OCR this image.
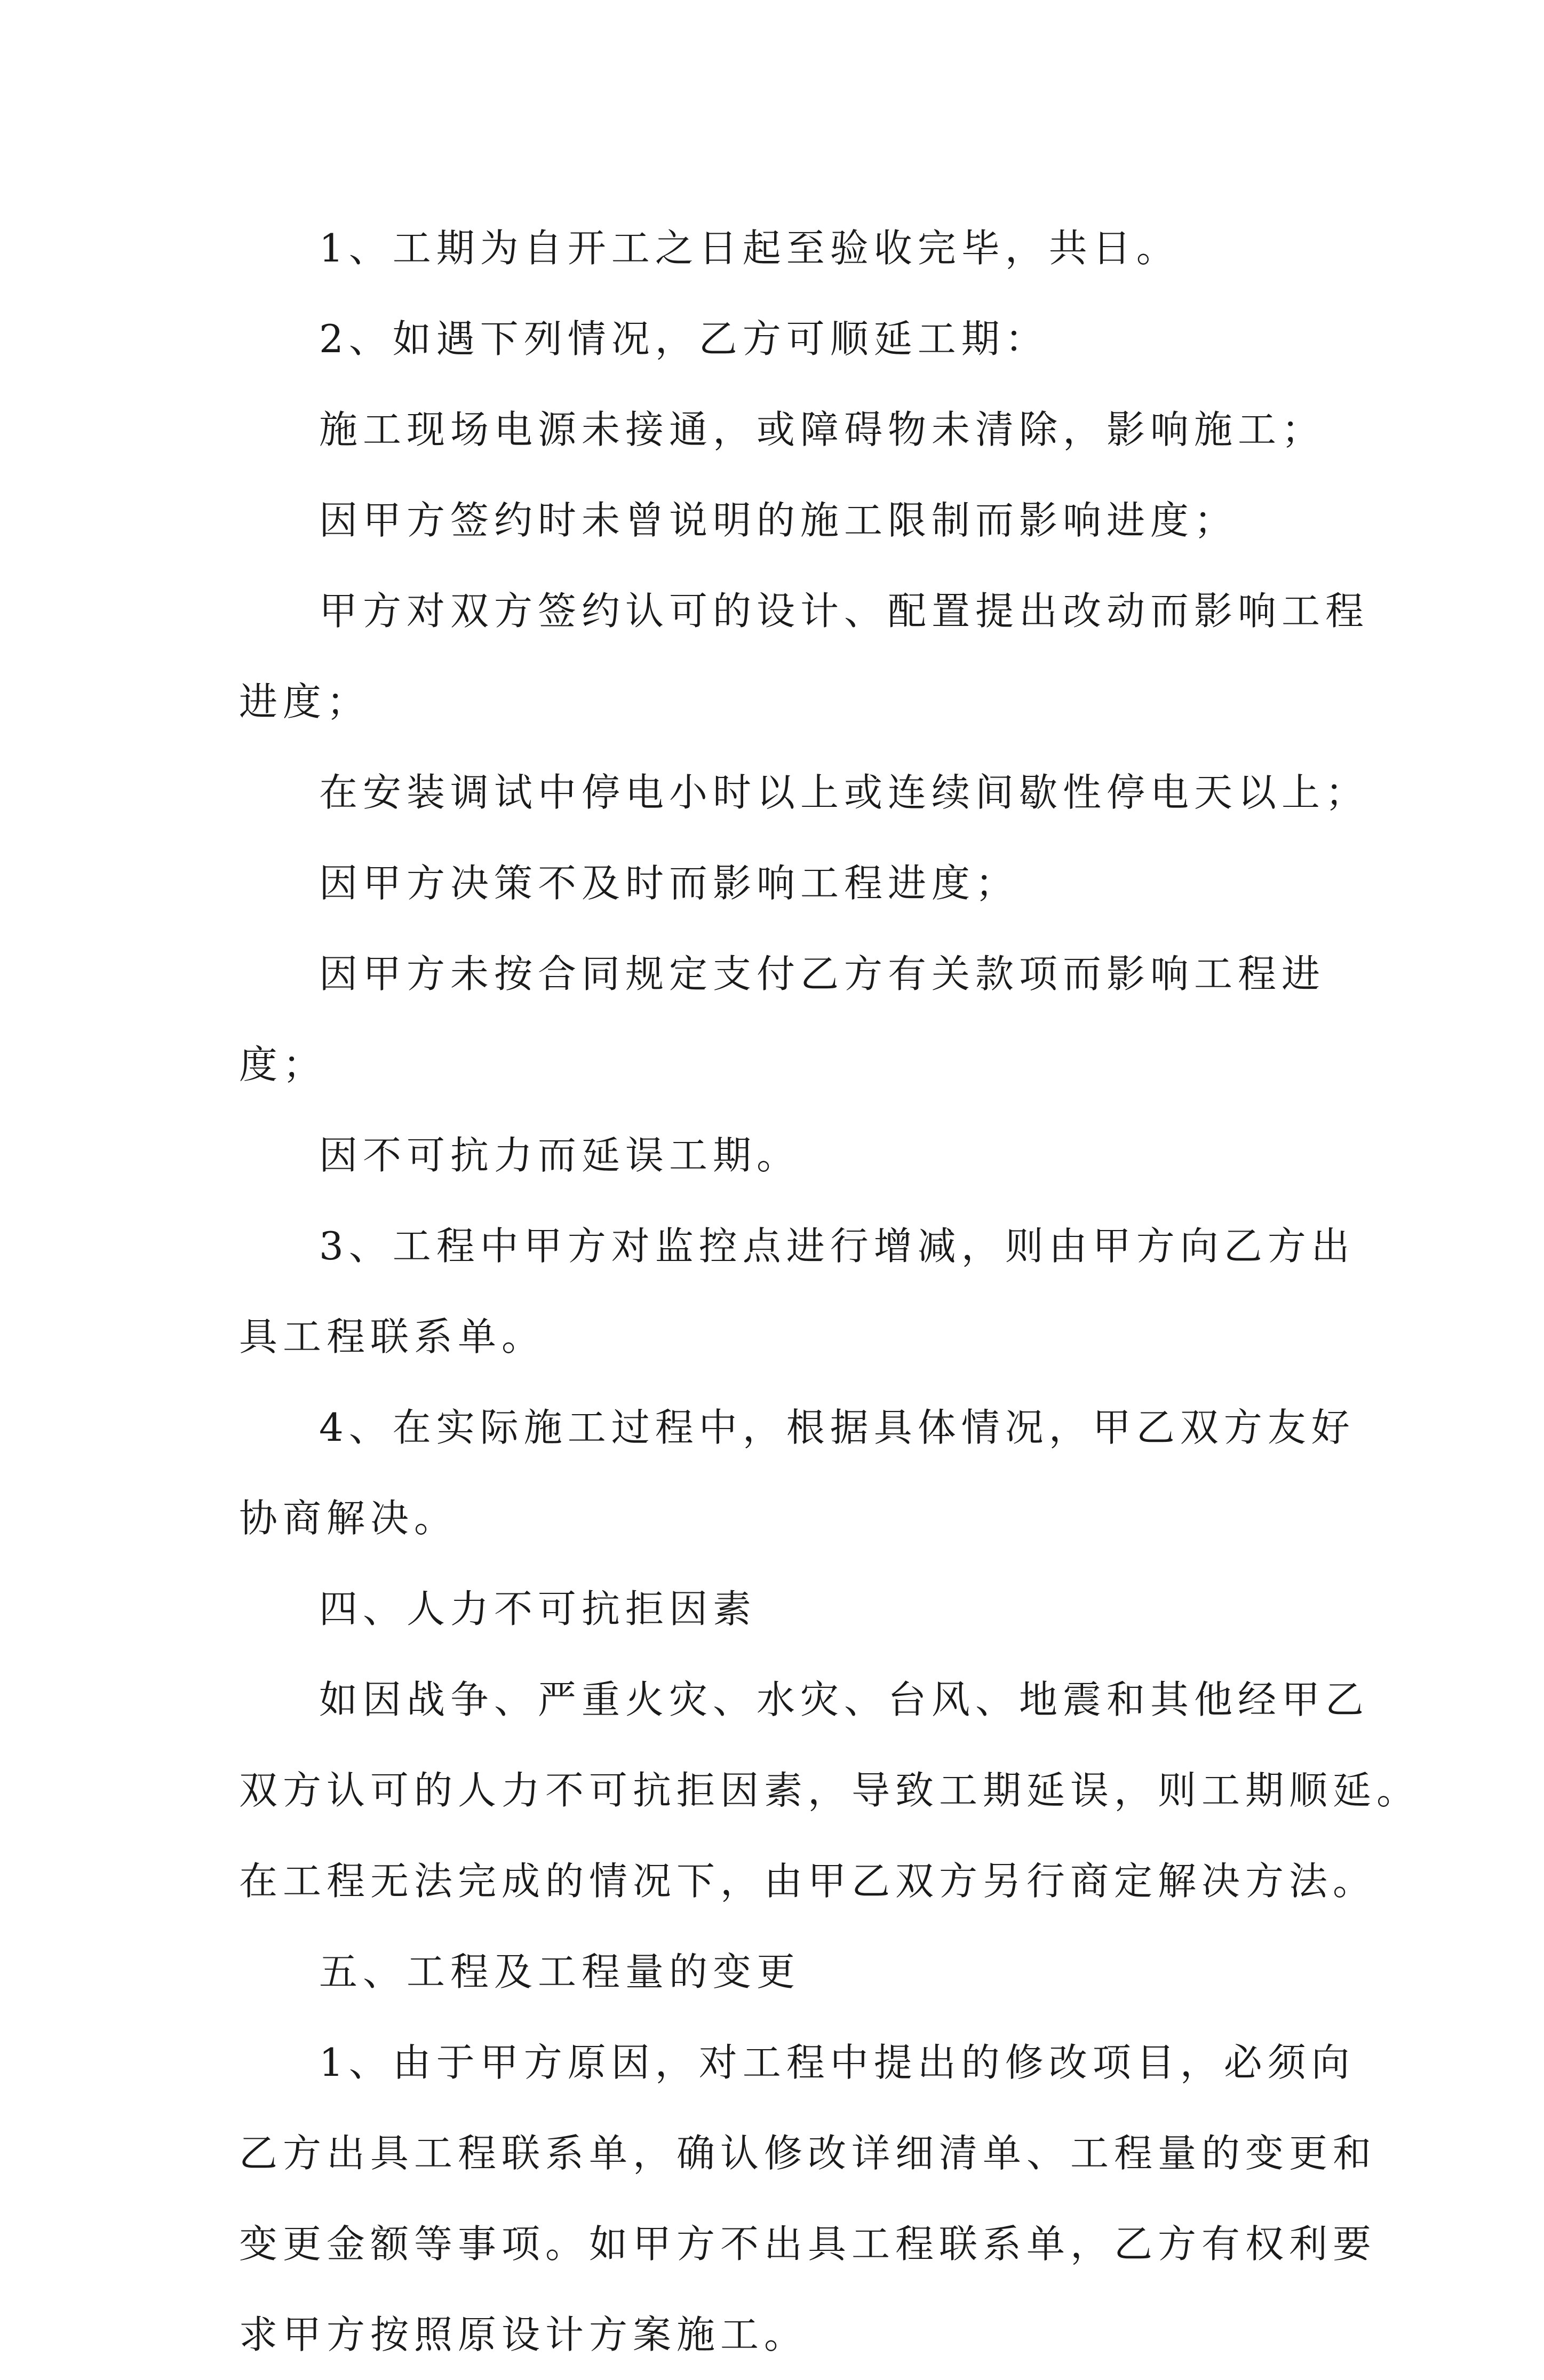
1、工期为自开工之日起至验收完毕，共日。
2、如遇下列情况，乙方可顺延工期：
施工现场电源未接通，或障碍物未清除，影响施工；
因甲方签约时未曾说明的施工限制而影响进度；
甲方对双方签约认可的设计、配置提出改动而影响工程
进度；
在安装调试中停电小时以上或连续间歇性停电天以上；
因甲方决策不及时而影响工程进度；
因甲方未按合同规定支付乙方有关款项而影响工程进
度；
因不可抗力而延误工期。
3、工程中甲方对监控点进行增减，则由甲方向乙方出
具工程联系单。
4、在实际施工过程中，根据具体情况，甲乙双方友好
协商解决。
四、人力不可抗拒因素
如因战争、严重火灾、水灾、台风、地震和其他经甲乙
双方认可的人力不可抗拒因素，导致工期延误，则工期顺延。
在工程无法完成的情况下，由甲乙双方另行商定解决方法。
五、工程及工程量的变更
1、由于甲方原因，对工程中提出的修改项目，必须向
乙方出具工程联系单，确认修改详细清单、工程量的变更和
变更金额等事项。如甲方不出具工程联系单，乙方有权利要
求甲方按照原设计方案施工。
